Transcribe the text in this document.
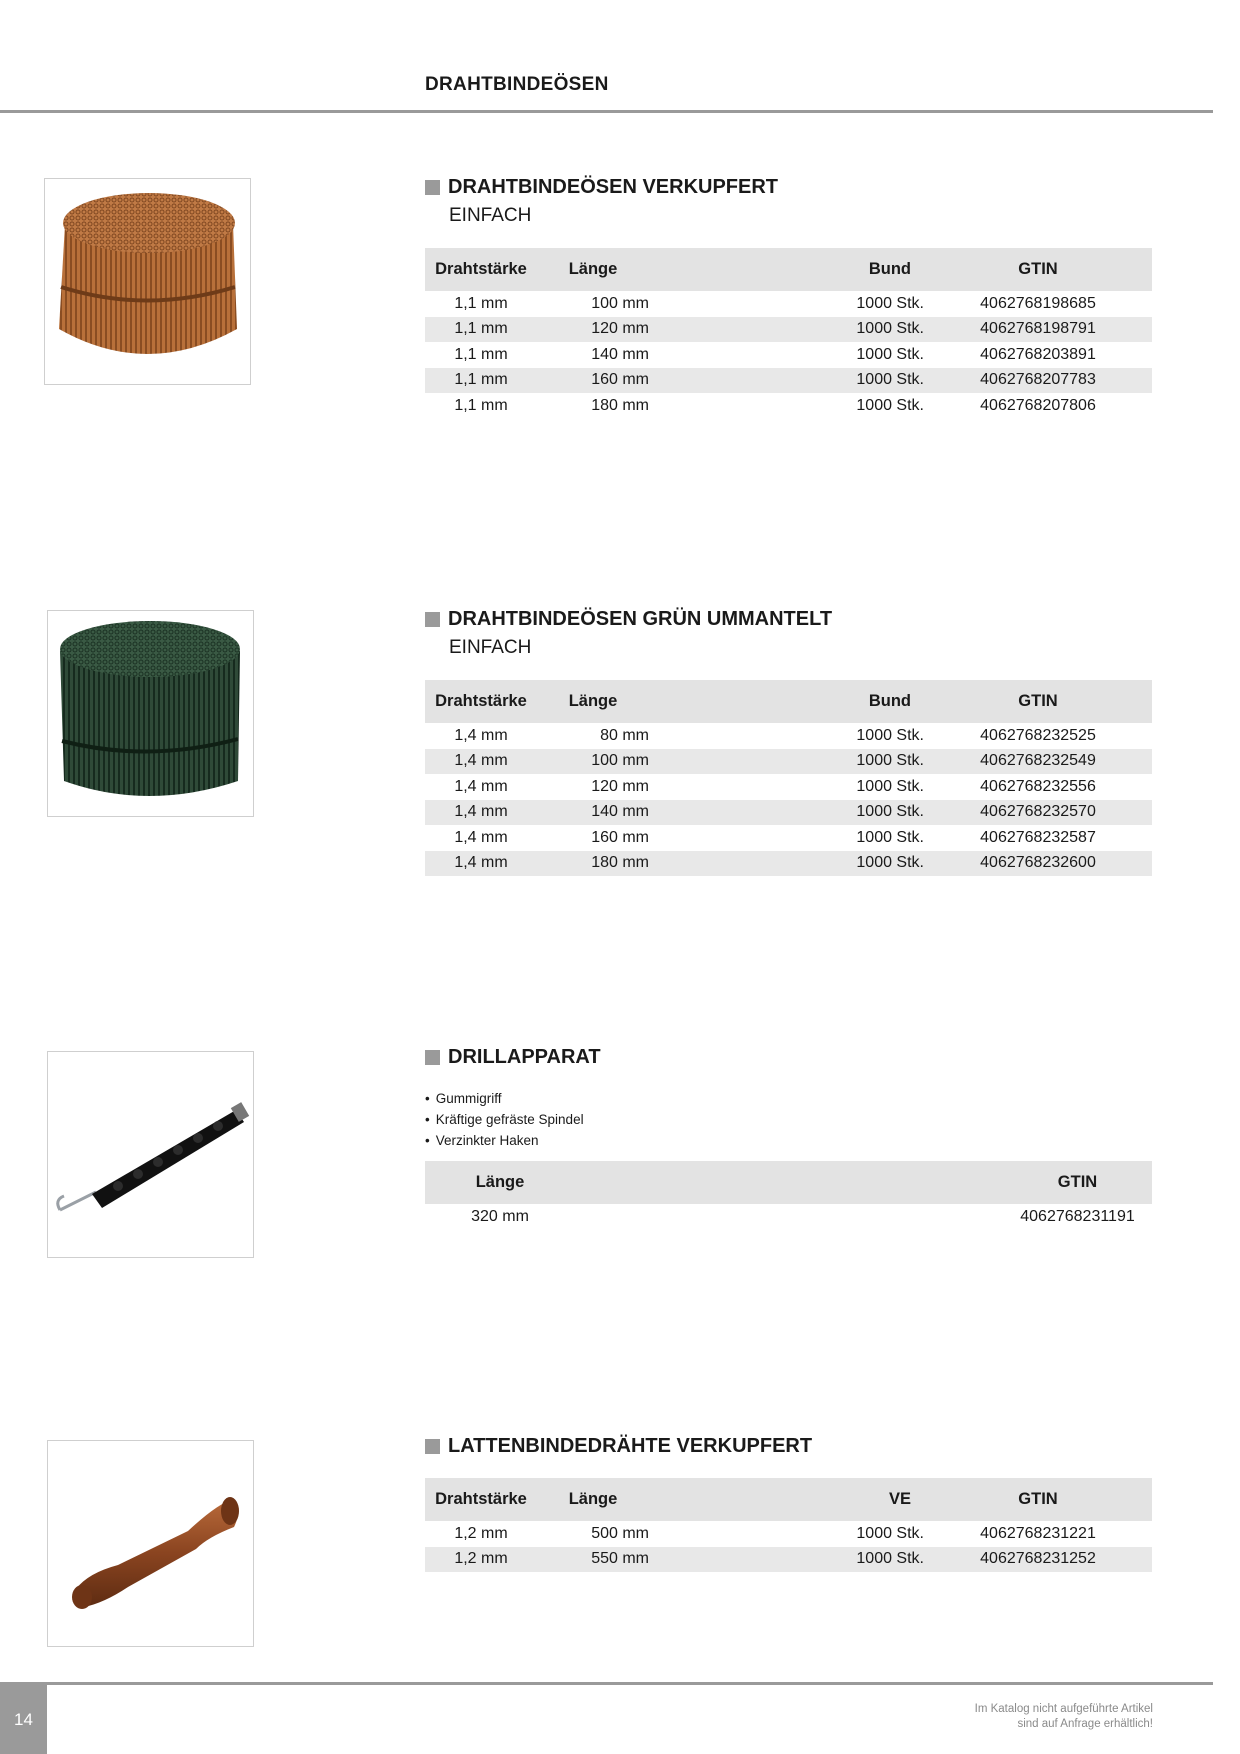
DRAHTBINDEÖSEN
DRAHTBINDEÖSEN VERKUPFERT
EINFACH
Drahtstärke	Länge	Bund	GTIN
1,1 mm	100 mm	1000 Stk.	4062768198685
1,1 mm	120 mm	1000 Stk.	4062768198791
1,1 mm	140 mm	1000 Stk.	4062768203891
1,1 mm	160 mm	1000 Stk.	4062768207783
1,1 mm	180 mm	1000 Stk.	4062768207806
DRAHTBINDEÖSEN GRÜN UMMANTELT
EINFACH
Drahtstärke	Länge	Bund	GTIN
1,4 mm	80 mm	1000 Stk.	4062768232525
1,4 mm	100 mm	1000 Stk.	4062768232549
1,4 mm	120 mm	1000 Stk.	4062768232556
1,4 mm	140 mm	1000 Stk.	4062768232570
1,4 mm	160 mm	1000 Stk.	4062768232587
1,4 mm	180 mm	1000 Stk.	4062768232600
DRILLAPPARAT
• Gummigriff
• Kräftige gefräste Spindel
• Verzinkter Haken
Länge		GTIN
320 mm		4062768231191
LATTENBINDEDRÄHTE VERKUPFERT
Drahtstärke	Länge	VE	GTIN
1,2 mm	500 mm	1000 Stk.	4062768231221
1,2 mm	550 mm	1000 Stk.	4062768231252
14
Im Katalog nicht aufgeführte Artikel
sind auf Anfrage erhältlich!
